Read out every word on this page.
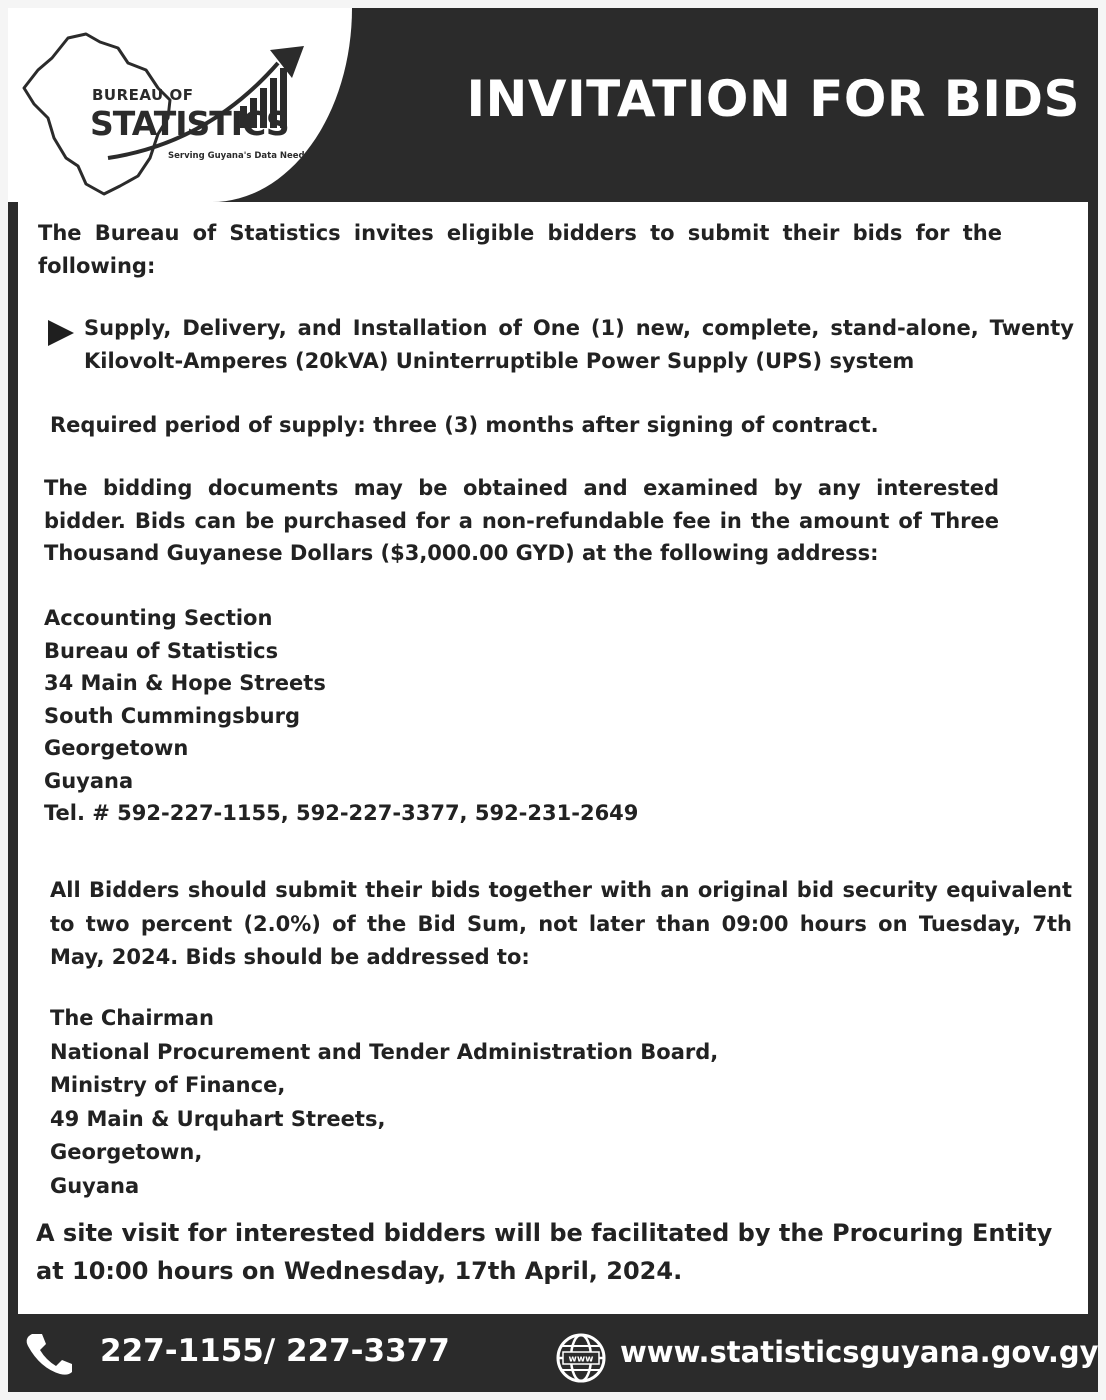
BUREAU OF
STATISTICS
Serving Guyana's Data Needs
INVITATION FOR BIDS

The Bureau of Statistics invites eligible bidders to submit their bids for the following:

Supply, Delivery, and Installation of One (1) new, complete, stand-alone, Twenty Kilovolt-Amperes (20kVA) Uninterruptible Power Supply (UPS) system

Required period of supply: three (3) months after signing of contract.

The bidding documents may be obtained and examined by any interested bidder. Bids can be purchased for a non-refundable fee in the amount of Three Thousand Guyanese Dollars ($3,000.00 GYD) at the following address:

Accounting Section
Bureau of Statistics
34 Main & Hope Streets
South Cummingsburg
Georgetown
Guyana
Tel. # 592-227-1155, 592-227-3377, 592-231-2649

All Bidders should submit their bids together with an original bid security equivalent to two percent (2.0%) of the Bid Sum, not later than 09:00 hours on Tuesday, 7th May, 2024. Bids should be addressed to:

The Chairman
National Procurement and Tender Administration Board,
Ministry of Finance,
49 Main & Urquhart Streets,
Georgetown,
Guyana
A site visit for interested bidders will be facilitated by the Procuring Entity
at 10:00 hours on Wednesday, 17th April, 2024.
227-1155/ 227-3377	www www.statisticsguyana.gov.gy
